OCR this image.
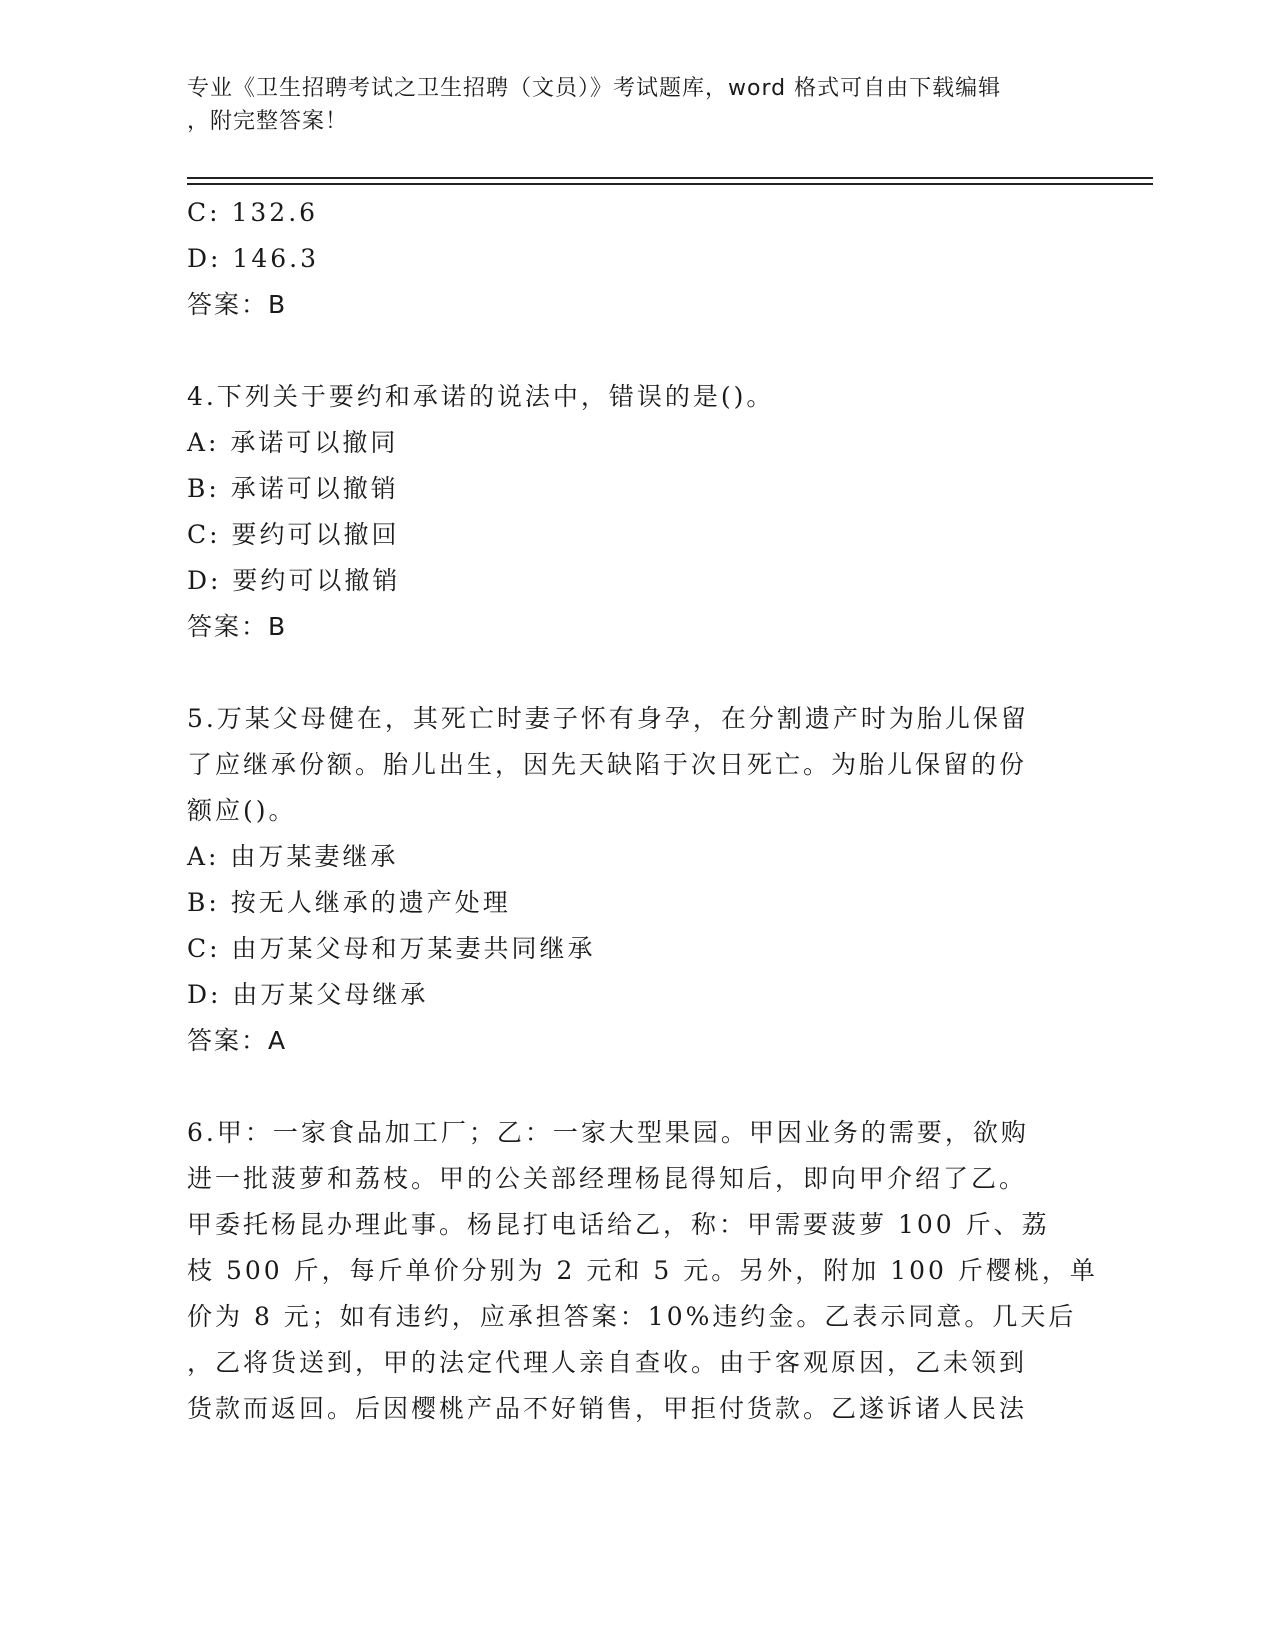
专业《卫生招聘考试之卫生招聘（文员）》考试题库，word 格式可自由下载编辑
，附完整答案！
C: 132.6
D: 146.3
答案：B
4.下列关于要约和承诺的说法中，错误的是()。
A: 承诺可以撤同
B: 承诺可以撤销
C: 要约可以撤回
D: 要约可以撤销
答案：B
5.万某父母健在，其死亡时妻子怀有身孕，在分割遗产时为胎儿保留
了应继承份额。胎儿出生，因先天缺陷于次日死亡。为胎儿保留的份
额应()。
A: 由万某妻继承
B: 按无人继承的遗产处理
C: 由万某父母和万某妻共同继承
D: 由万某父母继承
答案：A
6.甲：一家食品加工厂；乙：一家大型果园。甲因业务的需要，欲购
进一批菠萝和荔枝。甲的公关部经理杨昆得知后，即向甲介绍了乙。
甲委托杨昆办理此事。杨昆打电话给乙，称：甲需要菠萝 100 斤、荔
枝 500 斤，每斤单价分别为 2 元和 5 元。另外，附加 100 斤樱桃，单
价为 8 元；如有违约，应承担答案：10%违约金。乙表示同意。几天后
，乙将货送到，甲的法定代理人亲自查收。由于客观原因，乙未领到
货款而返回。后因樱桃产品不好销售，甲拒付货款。乙遂诉诸人民法
